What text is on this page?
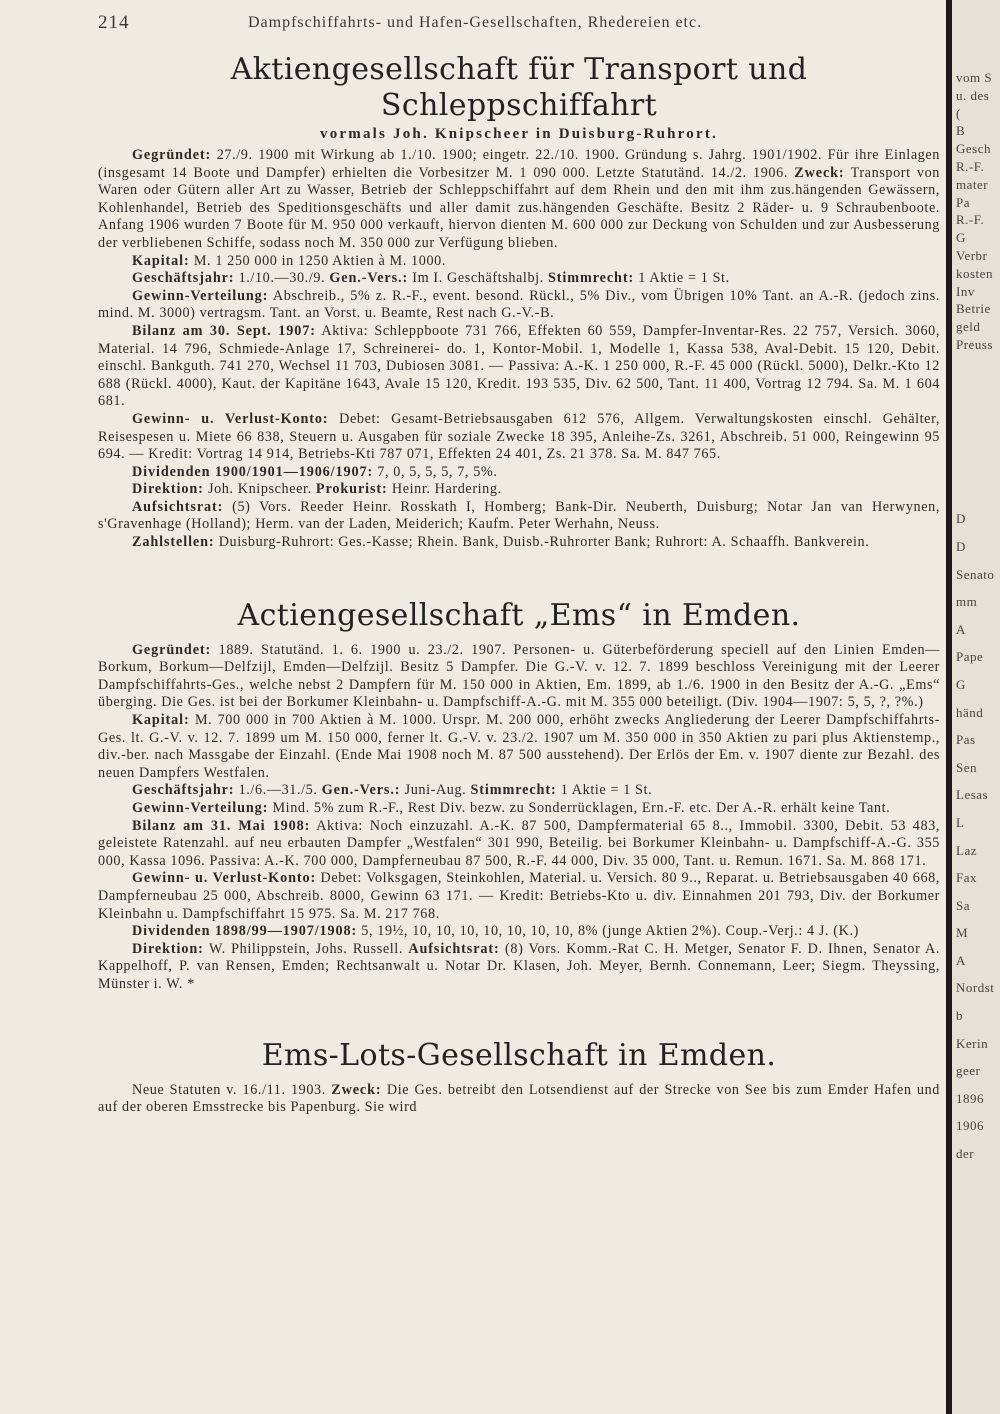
214	Dampfschiffahrts- und Hafen-Gesellschaften, Rhedereien etc.
Aktiengesellschaft für Transport und Schleppschiffahrt
vormals Joh. Knipscheer in Duisburg-Ruhrort.

Gegründet: 27./9. 1900 mit Wirkung ab 1./10. 1900; eingetr. 22./10. 1900. Gründung s. Jahrg. 1901/1902. Für ihre Einlagen (insgesamt 14 Boote und Dampfer) erhielten die Vorbesitzer M. 1 090 000. Letzte Statutänd. 14./2. 1906. Zweck: Transport von Waren oder Gütern aller Art zu Wasser, Betrieb der Schleppschiffahrt auf dem Rhein und den mit ihm zus.hängenden Gewässern, Kohlenhandel, Betrieb des Speditionsgeschäfts und aller damit zus.hängenden Geschäfte. Besitz 2 Räder- u. 9 Schraubenboote. Anfang 1906 wurden 7 Boote für M. 950 000 verkauft, hiervon dienten M. 600 000 zur Deckung von Schulden und zur Ausbesserung der verbliebenen Schiffe, sodass noch M. 350 000 zur Verfügung blieben.

Kapital: M. 1 250 000 in 1250 Aktien à M. 1000.

Geschäftsjahr: 1./10.—30./9. Gen.-Vers.: Im I. Geschäftshalbj. Stimmrecht: 1 Aktie = 1 St.

Gewinn-Verteilung: Abschreib., 5% z. R.-F., event. besond. Rückl., 5% Div., vom Übrigen 10% Tant. an A.-R. (jedoch zins. mind. M. 3000) vertragsm. Tant. an Vorst. u. Beamte, Rest nach G.-V.-B.

Bilanz am 30. Sept. 1907: Aktiva: Schleppboote 731 766, Effekten 60 559, Dampfer-Inventar-Res. 22 757, Versich. 3060, Material. 14 796, Schmiede-Anlage 17, Schreinerei- do. 1, Kontor-Mobil. 1, Modelle 1, Kassa 538, Aval-Debit. 15 120, Debit. einschl. Bankguth. 741 270, Wechsel 11 703, Dubiosen 3081. — Passiva: A.-K. 1 250 000, R.-F. 45 000 (Rückl. 5000), Delkr.-Kto 12 688 (Rückl. 4000), Kaut. der Kapitäne 1643, Avale 15 120, Kredit. 193 535, Div. 62 500, Tant. 11 400, Vortrag 12 794. Sa. M. 1 604 681.

Gewinn- u. Verlust-Konto: Debet: Gesamt-Betriebsausgaben 612 576, Allgem. Verwaltungskosten einschl. Gehälter, Reisespesen u. Miete 66 838, Steuern u. Ausgaben für soziale Zwecke 18 395, Anleihe-Zs. 3261, Abschreib. 51 000, Reingewinn 95 694. — Kredit: Vortrag 14 914, Betriebs-Kti 787 071, Effekten 24 401, Zs. 21 378. Sa. M. 847 765.

Dividenden 1900/1901—1906/1907: 7, 0, 5, 5, 5, 7, 5%.

Direktion: Joh. Knipscheer. Prokurist: Heinr. Hardering.

Aufsichtsrat: (5) Vors. Reeder Heinr. Rosskath I, Homberg; Bank-Dir. Neuberth, Duisburg; Notar Jan van Herwynen, s'Gravenhage (Holland); Herm. van der Laden, Meiderich; Kaufm. Peter Werhahn, Neuss.

Zahlstellen: Duisburg-Ruhrort: Ges.-Kasse; Rhein. Bank, Duisb.-Ruhrorter Bank; Ruhrort: A. Schaaffh. Bankverein.

Actiengesellschaft „Ems“ in Emden.

Gegründet: 1889. Statutänd. 1. 6. 1900 u. 23./2. 1907. Personen- u. Güterbeförderung speciell auf den Linien Emden—Borkum, Borkum—Delfzijl, Emden—Delfzijl. Besitz 5 Dampfer. Die G.-V. v. 12. 7. 1899 beschloss Vereinigung mit der Leerer Dampfschiffahrts-Ges., welche nebst 2 Dampfern für M. 150 000 in Aktien, Em. 1899, ab 1./6. 1900 in den Besitz der A.-G. „Ems“ überging. Die Ges. ist bei der Borkumer Kleinbahn- u. Dampfschiff-A.-G. mit M. 355 000 beteiligt. (Div. 1904—1907: 5, 5, ?, ?%.)

Kapital: M. 700 000 in 700 Aktien à M. 1000. Urspr. M. 200 000, erhöht zwecks Angliederung der Leerer Dampfschiffahrts-Ges. lt. G.-V. v. 12. 7. 1899 um M. 150 000, ferner lt. G.-V. v. 23./2. 1907 um M. 350 000 in 350 Aktien zu pari plus Aktienstemp., div.-ber. nach Massgabe der Einzahl. (Ende Mai 1908 noch M. 87 500 ausstehend). Der Erlös der Em. v. 1907 diente zur Bezahl. des neuen Dampfers Westfalen.

Geschäftsjahr: 1./6.—31./5. Gen.-Vers.: Juni-Aug. Stimmrecht: 1 Aktie = 1 St.

Gewinn-Verteilung: Mind. 5% zum R.-F., Rest Div. bezw. zu Sonderrücklagen, Ern.-F. etc. Der A.-R. erhält keine Tant.

Bilanz am 31. Mai 1908: Aktiva: Noch einzuzahl. A.-K. 87 500, Dampfermaterial 65 8.., Immobil. 3300, Debit. 53 483, geleistete Ratenzahl. auf neu erbauten Dampfer „Westfalen“ 301 990, Beteilig. bei Borkumer Kleinbahn- u. Dampfschiff-A.-G. 355 000, Kassa 1096. Passiva: A.-K. 700 000, Dampferneubau 87 500, R.-F. 44 000, Div. 35 000, Tant. u. Remun. 1671. Sa. M. 868 171.

Gewinn- u. Verlust-Konto: Debet: Volksgagen, Steinkohlen, Material. u. Versich. 80 9.., Reparat. u. Betriebsausgaben 40 668, Dampferneubau 25 000, Abschreib. 8000, Gewinn 63 171. — Kredit: Betriebs-Kto u. div. Einnahmen 201 793, Div. der Borkumer Kleinbahn u. Dampfschiffahrt 15 975. Sa. M. 217 768.

Dividenden 1898/99—1907/1908: 5, 19½, 10, 10, 10, 10, 10, 10, 10, 8% (junge Aktien 2%). Coup.-Verj.: 4 J. (K.)

Direktion: W. Philippstein, Johs. Russell. Aufsichtsrat: (8) Vors. Komm.-Rat C. H. Metger, Senator F. D. Ihnen, Senator A. Kappelhoff, P. van Rensen, Emden; Rechtsanwalt u. Notar Dr. Klasen, Joh. Meyer, Bernh. Connemann, Leer; Siegm. Theyssing, Münster i. W. *

Ems-Lots-Gesellschaft in Emden.

Neue Statuten v. 16./11. 1903. Zweck: Die Ges. betreibt den Lotsendienst auf der Strecke von See bis zum Emder Hafen und auf der oberen Emsstrecke bis Papenburg. Sie wird

vom S
u. des
(
B
Gesch
R.-F.
mater
Pa
R.-F.
G
Verbr
kosten
Inv
Betrie
geld
Preuss
D
D
Senato
mm
A
Pape
G
händ
Pas
Sen
Lesas
L
Laz
Fax
Sa
M
A
Nordst
b
Kerin
geer
1896
1906
der
